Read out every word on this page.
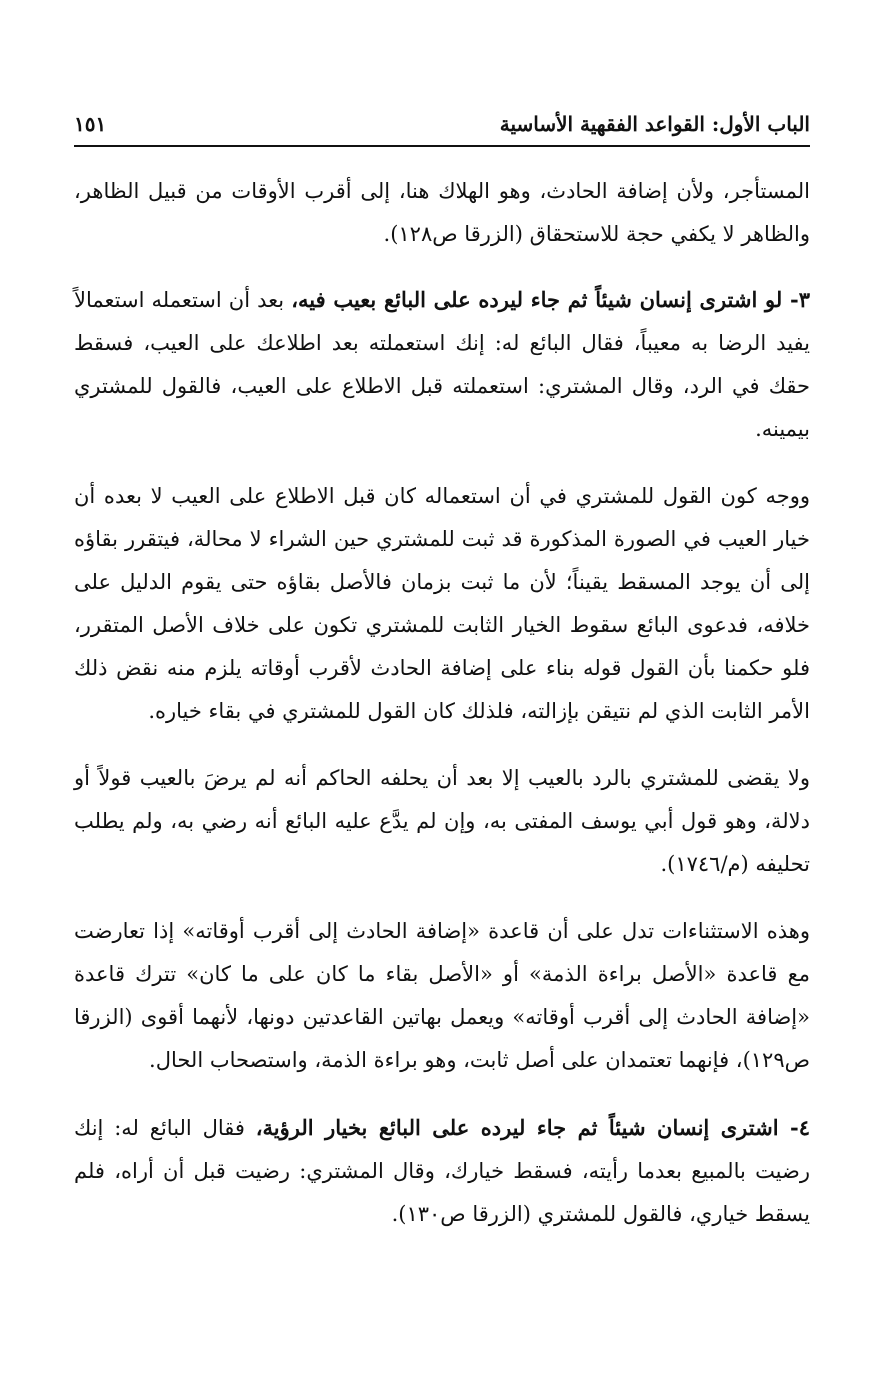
الباب الأول: القواعد الفقهية الأساسية
١٥١

المستأجر، ولأن إضافة الحادث، وهو الهلاك هنا، إلى أقرب الأوقات من قبيل الظاهر، والظاهر لا يكفي حجة للاستحقاق (الزرقا ص١٢٨).

٣- لو اشترى إنسان شيئاً ثم جاء ليرده على البائع بعيب فيه، بعد أن استعمله استعمالاً يفيد الرضا به معيباً، فقال البائع له: إنك استعملته بعد اطلاعك على العيب، فسقط حقك في الرد، وقال المشتري: استعملته قبل الاطلاع على العيب، فالقول للمشتري بيمينه.

ووجه كون القول للمشتري في أن استعماله كان قبل الاطلاع على العيب لا بعده أن خيار العيب في الصورة المذكورة قد ثبت للمشتري حين الشراء لا محالة، فيتقرر بقاؤه إلى أن يوجد المسقط يقيناً؛ لأن ما ثبت بزمان فالأصل بقاؤه حتى يقوم الدليل على خلافه، فدعوى البائع سقوط الخيار الثابت للمشتري تكون على خلاف الأصل المتقرر، فلو حكمنا بأن القول قوله بناء على إضافة الحادث لأقرب أوقاته يلزم منه نقض ذلك الأمر الثابت الذي لم نتيقن بإزالته، فلذلك كان القول للمشتري في بقاء خياره.

ولا يقضى للمشتري بالرد بالعيب إلا بعد أن يحلفه الحاكم أنه لم يرضَ بالعيب قولاً أو دلالة، وهو قول أبي يوسف المفتى به، وإن لم يدَّع عليه البائع أنه رضي به، ولم يطلب تحليفه (م/١٧٤٦).

وهذه الاستثناءات تدل على أن قاعدة «إضافة الحادث إلى أقرب أوقاته» إذا تعارضت مع قاعدة «الأصل براءة الذمة» أو «الأصل بقاء ما كان على ما كان» تترك قاعدة «إضافة الحادث إلى أقرب أوقاته» ويعمل بهاتين القاعدتين دونها، لأنهما أقوى (الزرقا ص١٢٩)، فإنهما تعتمدان على أصل ثابت، وهو براءة الذمة، واستصحاب الحال.

٤- اشترى إنسان شيئاً ثم جاء ليرده على البائع بخيار الرؤية، فقال البائع له: إنك رضيت بالمبيع بعدما رأيته، فسقط خيارك، وقال المشتري: رضيت قبل أن أراه، فلم يسقط خياري، فالقول للمشتري (الزرقا ص١٣٠).
